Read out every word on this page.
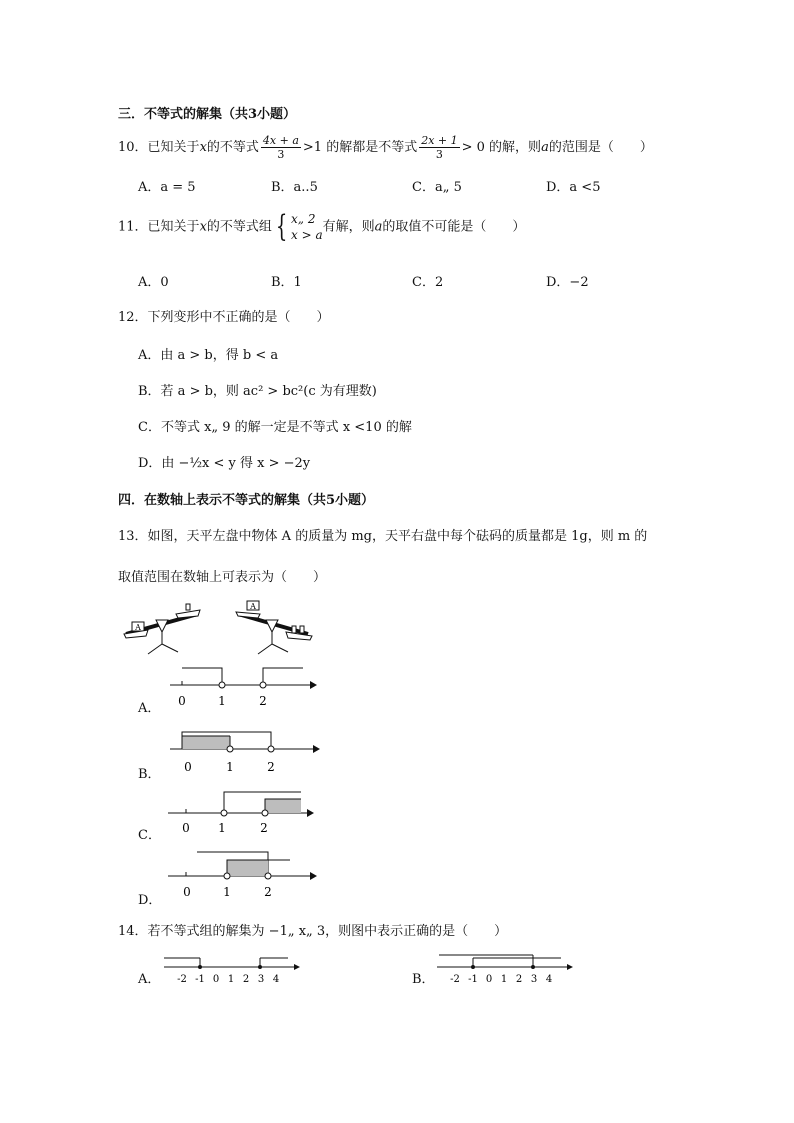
三．不等式的解集（共3小题）
10．已知关于x的不等式 $\frac{4x + a}{3} >1$ 的解都是不等式 $\frac{2x + 1}{3} > 0$ 的解，则a的范围是（　　）
A．a = 5	B．a..5	C．a„ 5	D．a <5
11．已知关于x的不等式组 { x„ 2
x > a
有解，则a的取值不可能是（　　）
A．0	B．1	C．2	D．−2
12．下列变形中不正确的是（　　）
A．由 a > b，得 b < a
B．若 a > b，则 ac² > bc²(c 为有理数)
C．不等式 x„ 9 的解一定是不等式 x <10 的解
D．由 −½x < y 得 x > −2y
四．在数轴上表示不等式的解集（共5小题）
13．如图，天平左盘中物体 A 的质量为 mg，天平右盘中每个砝码的质量都是 1g，则 m 的
取值范围在数轴上可表示为（　　）
A
A
A． 0	1	2
B． 0	1	2
C． 0 1	2
D．
0	1	2
14．若不等式组的解集为 −1„ x„ 3，则图中表示正确的是（　　）
A． -2 -1 0 1 2 3 4	B． -2 -1 0 1 2 3 4
